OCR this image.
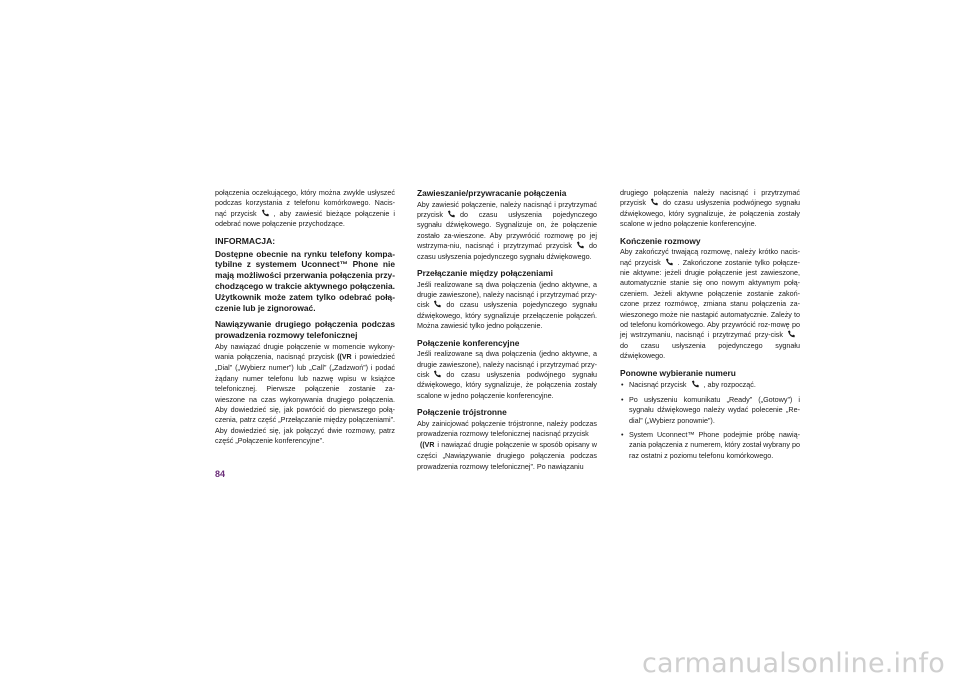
połączenia oczekującego, który można zwykle usłyszeć podczas korzystania z telefonu komórkowego. Nacis-nąć przycisk , aby zawiesić bieżące połączenie i odebrać nowe połączenie przychodzące.

INFORMACJA:
Dostępne obecnie na rynku telefony kompa-tybilne z systemem Uconnect™ Phone nie mają możliwości przerwania połączenia przy-chodzącego w trakcie aktywnego połączenia. Użytkownik może zatem tylko odebrać połą-czenie lub je zignorować.
Nawiązywanie drugiego połączenia podczas prowadzenia rozmowy telefonicznej

Aby nawiązać drugie połączenie w momencie wykony-wania połączenia, nacisnąć przycisk ((VR i powiedzieć „Dial” („Wybierz numer”) lub „Call” („Zadzwoń”) i podać żądany numer telefonu lub nazwę wpisu w książce telefonicznej. Pierwsze połączenie zostanie za-wieszone na czas wykonywania drugiego połączenia. Aby dowiedzieć się, jak powrócić do pierwszego połą-czenia, patrz część „Przełączanie między połączeniami”. Aby dowiedzieć się, jak połączyć dwie rozmowy, patrz część „Połączenie konferencyjne”.

Zawieszanie/przywracanie połączenia

Aby zawiesić połączenie, należy nacisnąć i przytrzymać przycisk do czasu usłyszenia pojedynczego sygnału dźwiękowego. Sygnalizuje on, że połączenie zostało za-wieszone. Aby przywrócić rozmowę po jej wstrzyma-niu, nacisnąć i przytrzymać przycisk do czasu usłyszenia pojedynczego sygnału dźwiękowego.

Przełączanie między połączeniami

Jeśli realizowane są dwa połączenia (jedno aktywne, a drugie zawieszone), należy nacisnąć i przytrzymać przy-cisk do czasu usłyszenia pojedynczego sygnału dźwiękowego, który sygnalizuje przełączenie połączeń. Można zawiesić tylko jedno połączenie.

Połączenie konferencyjne

Jeśli realizowane są dwa połączenia (jedno aktywne, a drugie zawieszone), należy nacisnąć i przytrzymać przy-cisk do czasu usłyszenia podwójnego sygnału dźwiękowego, który sygnalizuje, że połączenia zostały scalone w jedno połączenie konferencyjne.

Połączenie trójstronne

Aby zainicjować połączenie trójstronne, należy podczas prowadzenia rozmowy telefonicznej nacisnąć przycisk
((VR i nawiązać drugie połączenie w sposób opisany w części „Nawiązywanie drugiego połączenia podczas prowadzenia rozmowy telefonicznej”. Po nawiązaniu

drugiego połączenia należy nacisnąć i przytrzymać przycisk do czasu usłyszenia podwójnego sygnału dźwiękowego, który sygnalizuje, że połączenia zostały scalone w jedno połączenie konferencyjne.

Kończenie rozmowy

Aby zakończyć trwającą rozmowę, należy krótko nacis-nąć przycisk . Zakończone zostanie tylko połącze-nie aktywne: jeżeli drugie połączenie jest zawieszone, automatycznie stanie się ono nowym aktywnym połą-czeniem. Jeżeli aktywne połączenie zostanie zakoń-czone przez rozmówcę, zmiana stanu połączenia za-wieszonego może nie nastąpić automatycznie. Zależy to od telefonu komórkowego. Aby przywrócić roz-mowę po jej wstrzymaniu, nacisnąć i przytrzymać przy-cisk
do czasu usłyszenia pojedynczego sygnału dźwiękowego.

Ponowne wybieranie numeru
• Nacisnąć przycisk , aby rozpocząć.
• Po usłyszeniu komunikatu „Ready” („Gotowy”) i sygnału dźwiękowego należy wydać polecenie „Re-dial” („Wybierz ponownie”).
• System Uconnect™ Phone podejmie próbę nawią-zania połączenia z numerem, który został wybrany po raz ostatni z poziomu telefonu komórkowego.
84
carmanualsonline.info
